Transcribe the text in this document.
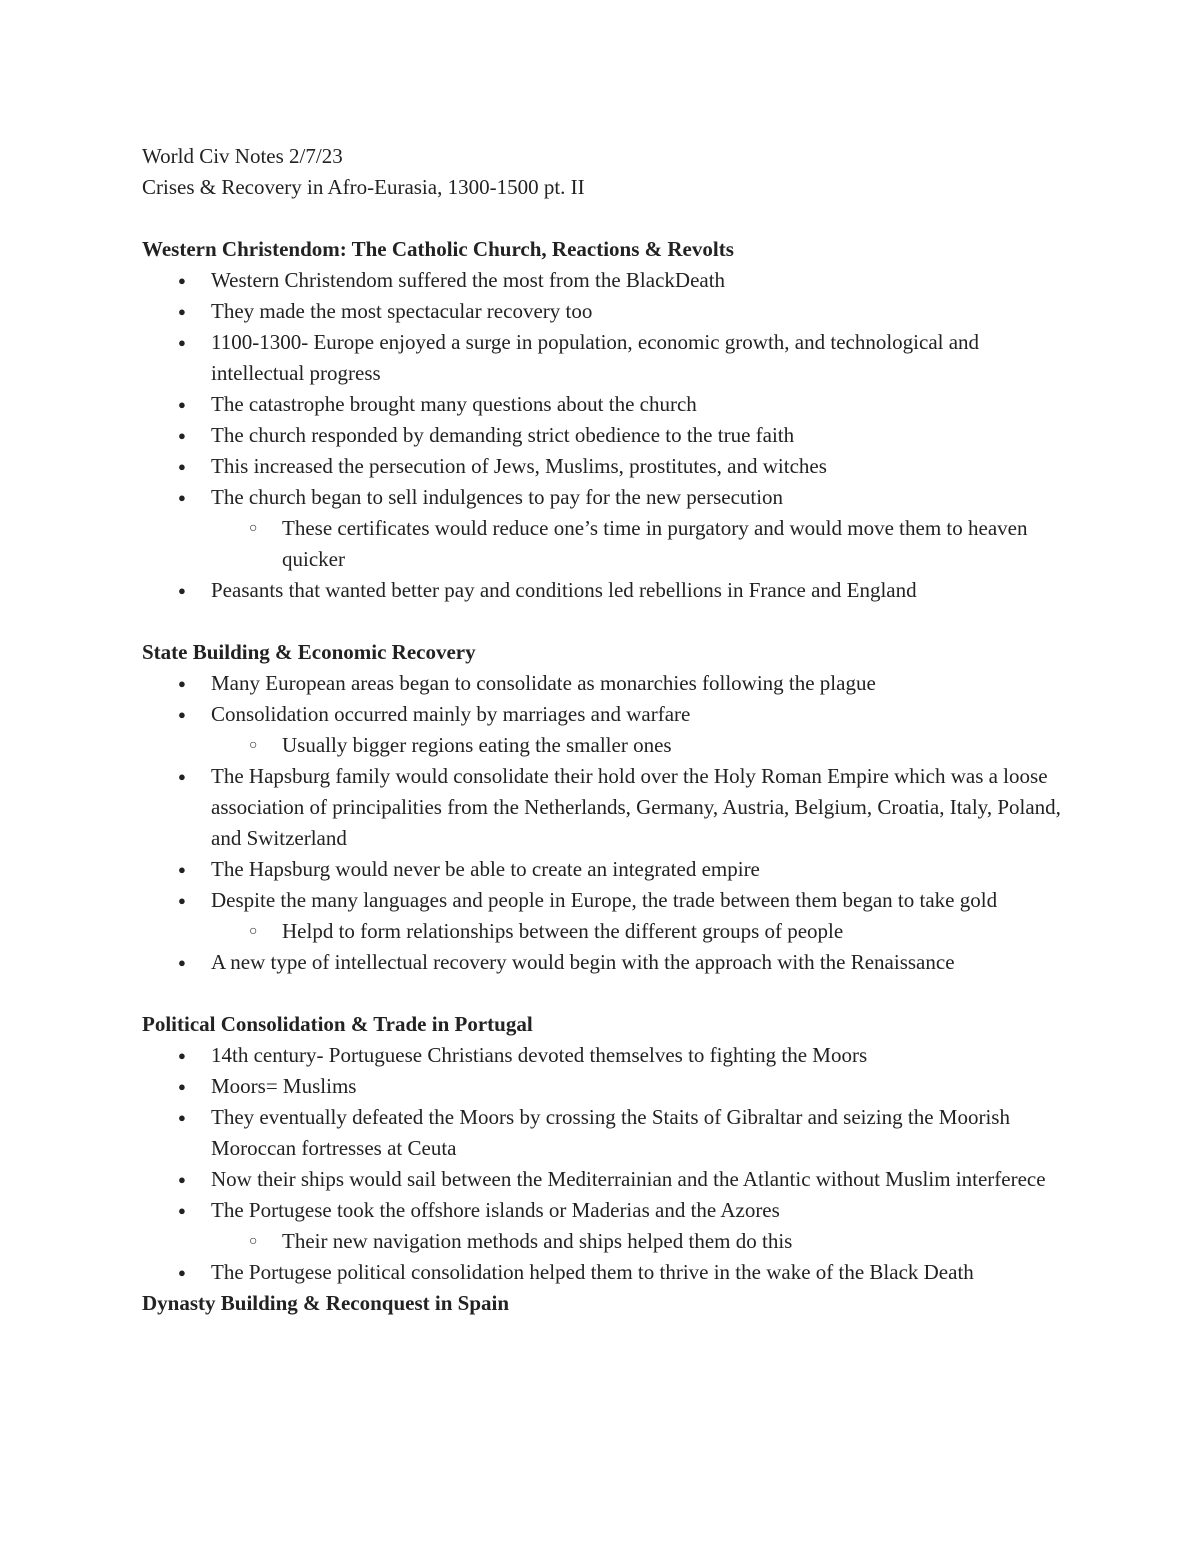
World Civ Notes 2/7/23
Crises & Recovery in Afro-Eurasia, 1300-1500 pt. II
Western Christendom: The Catholic Church, Reactions & Revolts
● Western Christendom suffered the most from the BlackDeath
● They made the most spectacular recovery too
● 1100-1300- Europe enjoyed a surge in population, economic growth, and technological and intellectual progress
● The catastrophe brought many questions about the church
● The church responded by demanding strict obedience to the true faith
● This increased the persecution of Jews, Muslims, prostitutes, and witches
● The church began to sell indulgences to pay for the new persecution
○ These certificates would reduce one’s time in purgatory and would move them to heaven quicker
● Peasants that wanted better pay and conditions led rebellions in France and England
State Building & Economic Recovery
● Many European areas began to consolidate as monarchies following the plague
● Consolidation occurred mainly by marriages and warfare
○ Usually bigger regions eating the smaller ones
● The Hapsburg family would consolidate their hold over the Holy Roman Empire which was a loose association of principalities from the Netherlands, Germany, Austria, Belgium, Croatia, Italy, Poland, and Switzerland
● The Hapsburg would never be able to create an integrated empire
● Despite the many languages and people in Europe, the trade between them began to take gold
○ Helpd to form relationships between the different groups of people
● A new type of intellectual recovery would begin with the approach with the Renaissance
Political Consolidation & Trade in Portugal
● 14th century- Portuguese Christians devoted themselves to fighting the Moors
● Moors= Muslims
● They eventually defeated the Moors by crossing the Staits of Gibraltar and seizing the Moorish Moroccan fortresses at Ceuta
● Now their ships would sail between the Mediterrainian and the Atlantic without Muslim interferece
● The Portugese took the offshore islands or Maderias and the Azores
○ Their new navigation methods and ships helped them do this
● The Portugese political consolidation helped them to thrive in the wake of the Black Death
Dynasty Building & Reconquest in Spain
